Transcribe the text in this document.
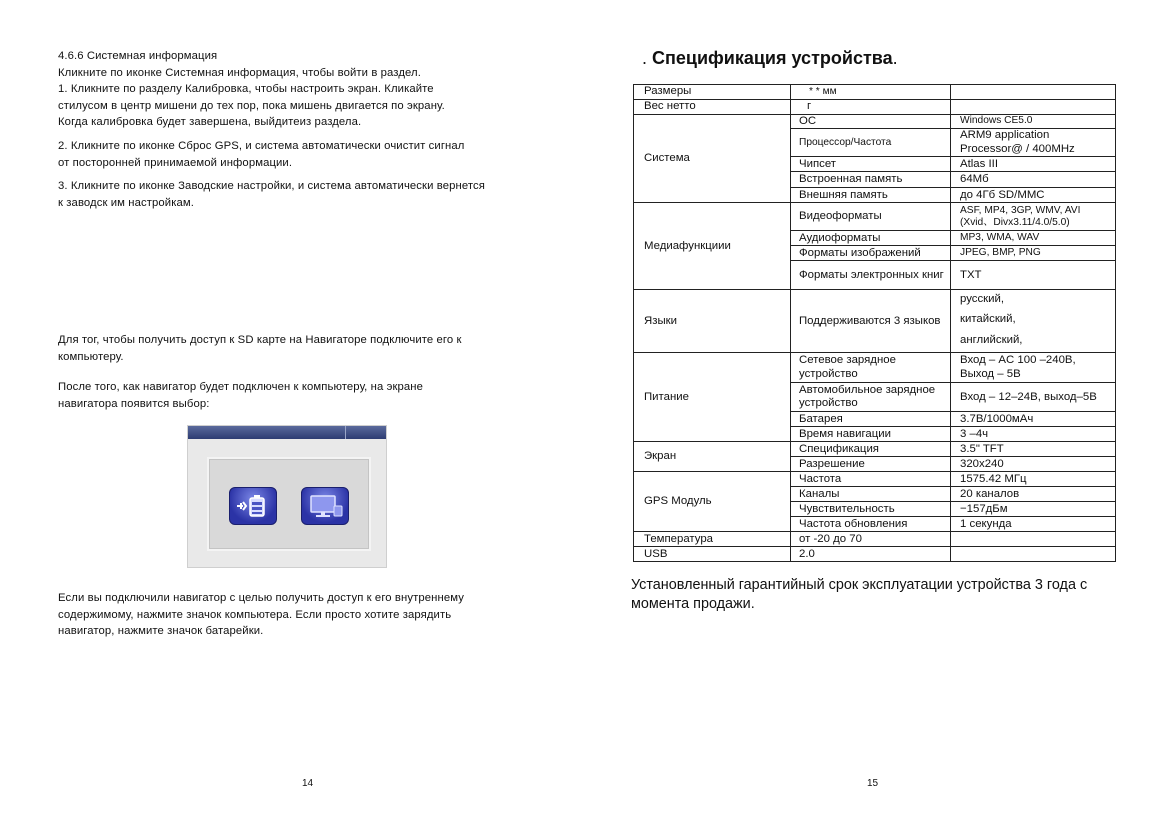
4.6.6 Системная информация
Кликните по иконке Системная информация, чтобы войти в раздел.
1. Кликните по разделу Калибровка, чтобы настроить экран. Кликайте
стилусом в центр мишени до тех пор, пока мишень двигается по экрану.
Когда калибровка будет завершена, выйдитеиз раздела.
2. Кликните по иконке Сброс GPS, и система автоматически очистит сигнал
от посторонней принимаемой информации.
3. Кликните по иконке Заводские настройки, и система автоматически вернется
к заводск им настройкам.
Для тог, чтобы получить доступ к SD карте на Навигаторе подключите его к
компьютеру.
После того, как навигатор будет подключен к компьютеру, на экране
навигатора появится выбор:
Если вы подключили навигатор с целью получить доступ к его внутреннему
содержимому, нажмите значок компьютера. Если просто хотите зарядить
навигатор, нажмите значок батарейки.
14
. Спецификация устройства.
Размеры	* * мм	
Вес нетто	г	
Система	ОС	Windows CE5.0
	Процессор/Частота	ARM9 application Processor@ / 400MHz
	Чипсет	Atlas III
	Встроенная память	64Мб
	Внешняя память	до 4Гб SD/MMC
Медиафункциии	Видеоформаты	ASF, MP4, 3GP, WMV, AVI (Xvid、Divx3.11/4.0/5.0)
	Аудиоформаты	MP3, WMA, WAV
	Форматы изображений	JPEG, BMP, PNG
	Форматы электронных книг	TXT
Языки	Поддерживаются 3 языков	русский,
		китайский,
		английский,
Питание	Сетевое зарядное устройство	Вход – AC 100 –240В, Выход – 5В
	Автомобильное зарядное устройство	Вход – 12–24В, выход–5В
	Батарея	3.7В/1000мАч
	Время навигации	3 –4ч
Экран	Спецификация	3.5" TFT
	Разрешение	320x240
GPS Модуль	Частота	1575.42 МГц
	Каналы	20 каналов
	Чувствительность	−157дБм
	Частота обновления	1 секунда
Температура	от -20 до 70	
USB	2.0	
Установленный гарантийный срок эксплуатации устройства 3 года с момента продажи.
15
